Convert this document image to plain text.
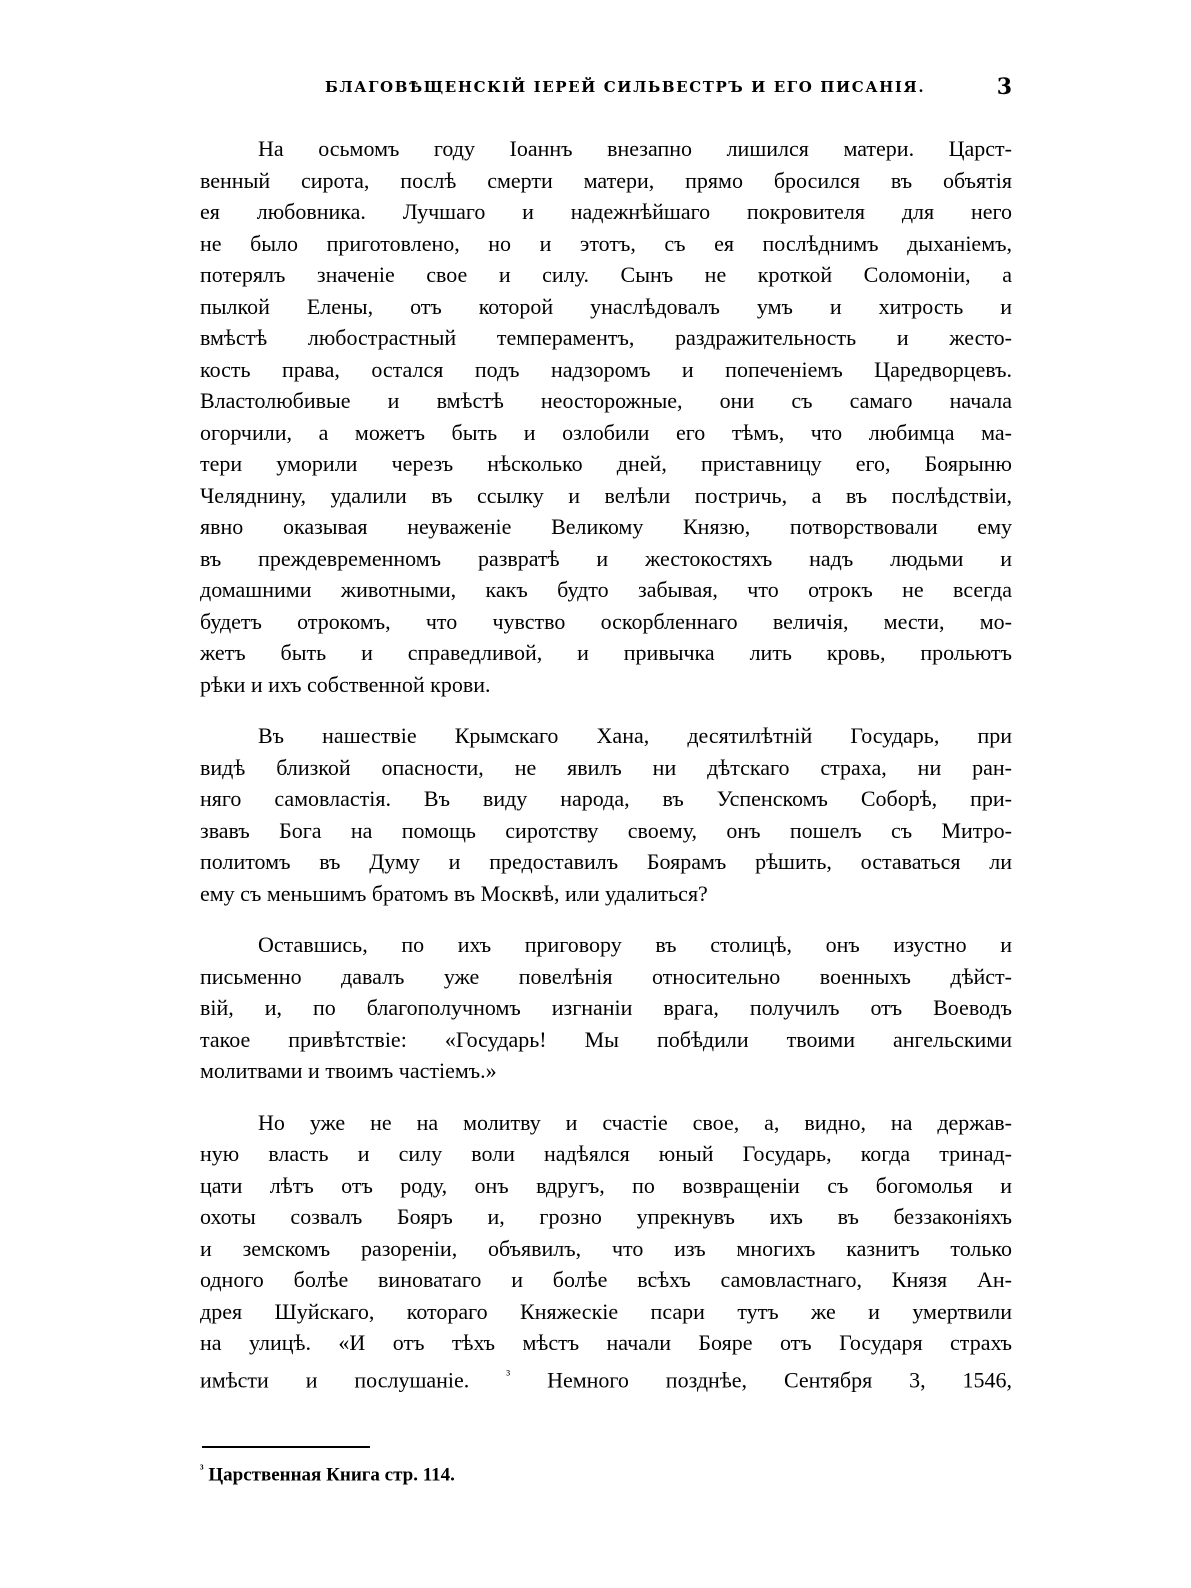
БЛАГОВѢЩЕНСКІЙ ІЕРЕЙ СИЛЬВЕСТРЪ И ЕГО ПИСАНІЯ.	3
На осьмомъ году Іоаннъ внезапно лишился матери. Царст-
венный сирота, послѣ смерти матери, прямо бросился въ объятія
ея любовника. Лучшаго и надежнѣйшаго покровителя для него
не было приготовлено, но и этотъ, съ ея послѣднимъ дыханіемъ,
потерялъ значеніе свое и силу. Сынъ не кроткой Соломоніи, а
пылкой Елены, отъ которой унаслѣдовалъ умъ и хитрость и
вмѣстѣ любострастный темпераментъ, раздражительность и жесто-
кость права, остался подъ надзоромъ и попеченіемъ Царедворцевъ.
Властолюбивые и вмѣстѣ неосторожные, они съ самаго начала
огорчили, а можетъ быть и озлобили его тѣмъ, что любимца ма-
тери уморили черезъ нѣсколько дней, приставницу его, Боярыню
Челяднину, удалили въ ссылку и велѣли постричь, а въ послѣдствіи,
явно оказывая неуваженіе Великому Князю, потворствовали ему
въ преждевременномъ развратѣ и жестокостяхъ надъ людьми и
домашними животными, какъ будто забывая, что отрокъ не всегда
будетъ отрокомъ, что чувство оскорбленнаго величія, мести, мо-
жетъ быть и справедливой, и привычка лить кровь, прольютъ
рѣки и ихъ собственной крови.
Въ нашествіе Крымскаго Хана, десятилѣтній Государь, при
видѣ близкой опасности, не явилъ ни дѣтскаго страха, ни ран-
няго самовластія. Въ виду народа, въ Успенскомъ Соборѣ, при-
звавъ Бога на помощь сиротству своему, онъ пошелъ съ Митро-
политомъ въ Думу и предоставилъ Боярамъ рѣшить, оставаться ли
ему съ меньшимъ братомъ въ Москвѣ, или удалиться?
Оставшись, по ихъ приговору въ столицѣ, онъ изустно и
письменно давалъ уже повелѣнія относительно военныхъ дѣйст-
вій, и, по благополучномъ изгнаніи врага, получилъ отъ Воеводъ
такое привѣтствіе: «Государь! Мы побѣдили твоими ангельскими
молитвами и твоимъ частіемъ.»
Но уже не на молитву и счастіе свое, а, видно, на держав-
ную власть и силу воли надѣялся юный Государь, когда тринад-
цати лѣтъ отъ роду, онъ вдругъ, по возвращеніи съ богомолья и
охоты созвалъ Бояръ и, грозно упрекнувъ ихъ въ беззаконіяхъ
и земскомъ разореніи, объявилъ, что изъ многихъ казнитъ только
одного болѣе виноватаго и болѣе всѣхъ самовластнаго, Князя Ан-
дрея Шуйскаго, котораго Княжескіе псари тутъ же и умертвили
на улицѣ. «И отъ тѣхъ мѣстъ начали Бояре отъ Государя страхъ
имѣсти и послушаніе.	$^{^3}$ Немного позднѣе, Сентября 3, 1546,
$^{^3}$ Царственная Книга стр. 114.
